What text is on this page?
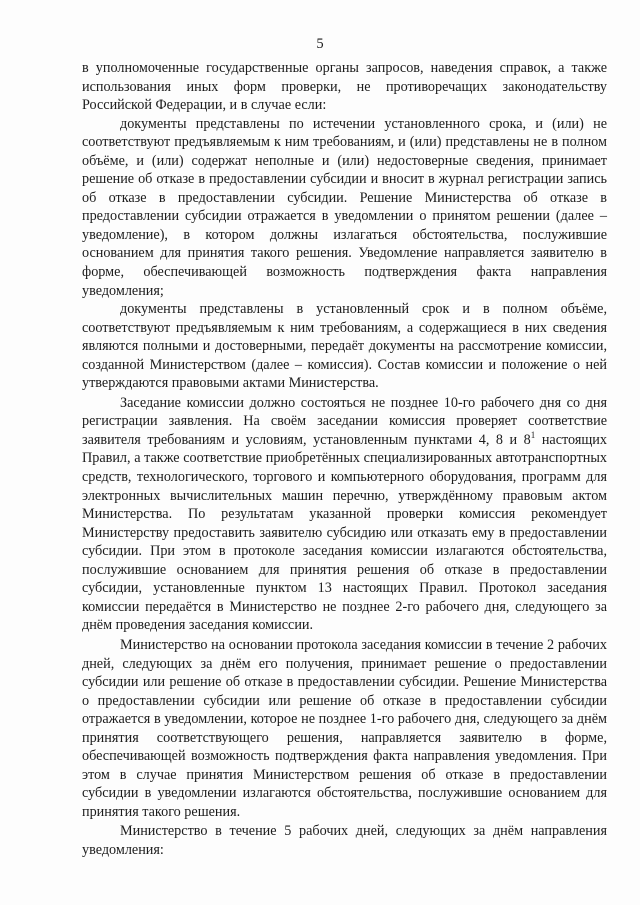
5

в уполномоченные государственные органы запросов, наведения справок, а также использования иных форм проверки, не противоречащих законодательству Российской Федерации, и в случае если:

документы представлены по истечении установленного срока, и (или) не соответствуют предъявляемым к ним требованиям, и (или) представлены не в полном объёме, и (или) содержат неполные и (или) недостоверные сведения, принимает решение об отказе в предоставлении субсидии и вносит в журнал регистрации запись об отказе в предоставлении субсидии. Решение Министерства об отказе в предоставлении субсидии отражается в уведомлении о принятом решении (далее – уведомление), в котором должны излагаться обстоятельства, послужившие основанием для принятия такого решения. Уведомление направляется заявителю в форме, обеспечивающей возможность подтверждения факта направления уведомления;

документы представлены в установленный срок и в полном объёме, соответствуют предъявляемым к ним требованиям, а содержащиеся в них сведения являются полными и достоверными, передаёт документы на рассмотрение комиссии, созданной Министерством (далее – комиссия). Состав комиссии и положение о ней утверждаются правовыми актами Министерства.

Заседание комиссии должно состояться не позднее 10-го рабочего дня со дня регистрации заявления. На своём заседании комиссия проверяет соответствие заявителя требованиям и условиям, установленным пунктами 4, 8 и $8^1$ настоящих Правил, а также соответствие приобретённых специализированных автотранспортных средств, технологического, торгового и компьютерного оборудования, программ для электронных вычислительных машин перечню, утверждённому правовым актом Министерства. По результатам указанной проверки комиссия рекомендует Министерству предоставить заявителю субсидию или отказать ему в предоставлении субсидии. При этом в протоколе заседания комиссии излагаются обстоятельства, послужившие основанием для принятия решения об отказе в предоставлении субсидии, установленные пунктом 13 настоящих Правил. Протокол заседания комиссии передаётся в Министерство не позднее 2-го рабочего дня, следующего за днём проведения заседания комиссии.

Министерство на основании протокола заседания комиссии в течение 2 рабочих дней, следующих за днём его получения, принимает решение о предоставлении субсидии или решение об отказе в предоставлении субсидии. Решение Министерства о предоставлении субсидии или решение об отказе в предоставлении субсидии отражается в уведомлении, которое не позднее 1-го рабочего дня, следующего за днём принятия соответствующего решения, направляется заявителю в форме, обеспечивающей возможность подтверждения факта направления уведомления. При этом в случае принятия Министерством решения об отказе в предоставлении субсидии в уведомлении излагаются обстоятельства, послужившие основанием для принятия такого решения.

Министерство в течение 5 рабочих дней, следующих за днём направления уведомления:
